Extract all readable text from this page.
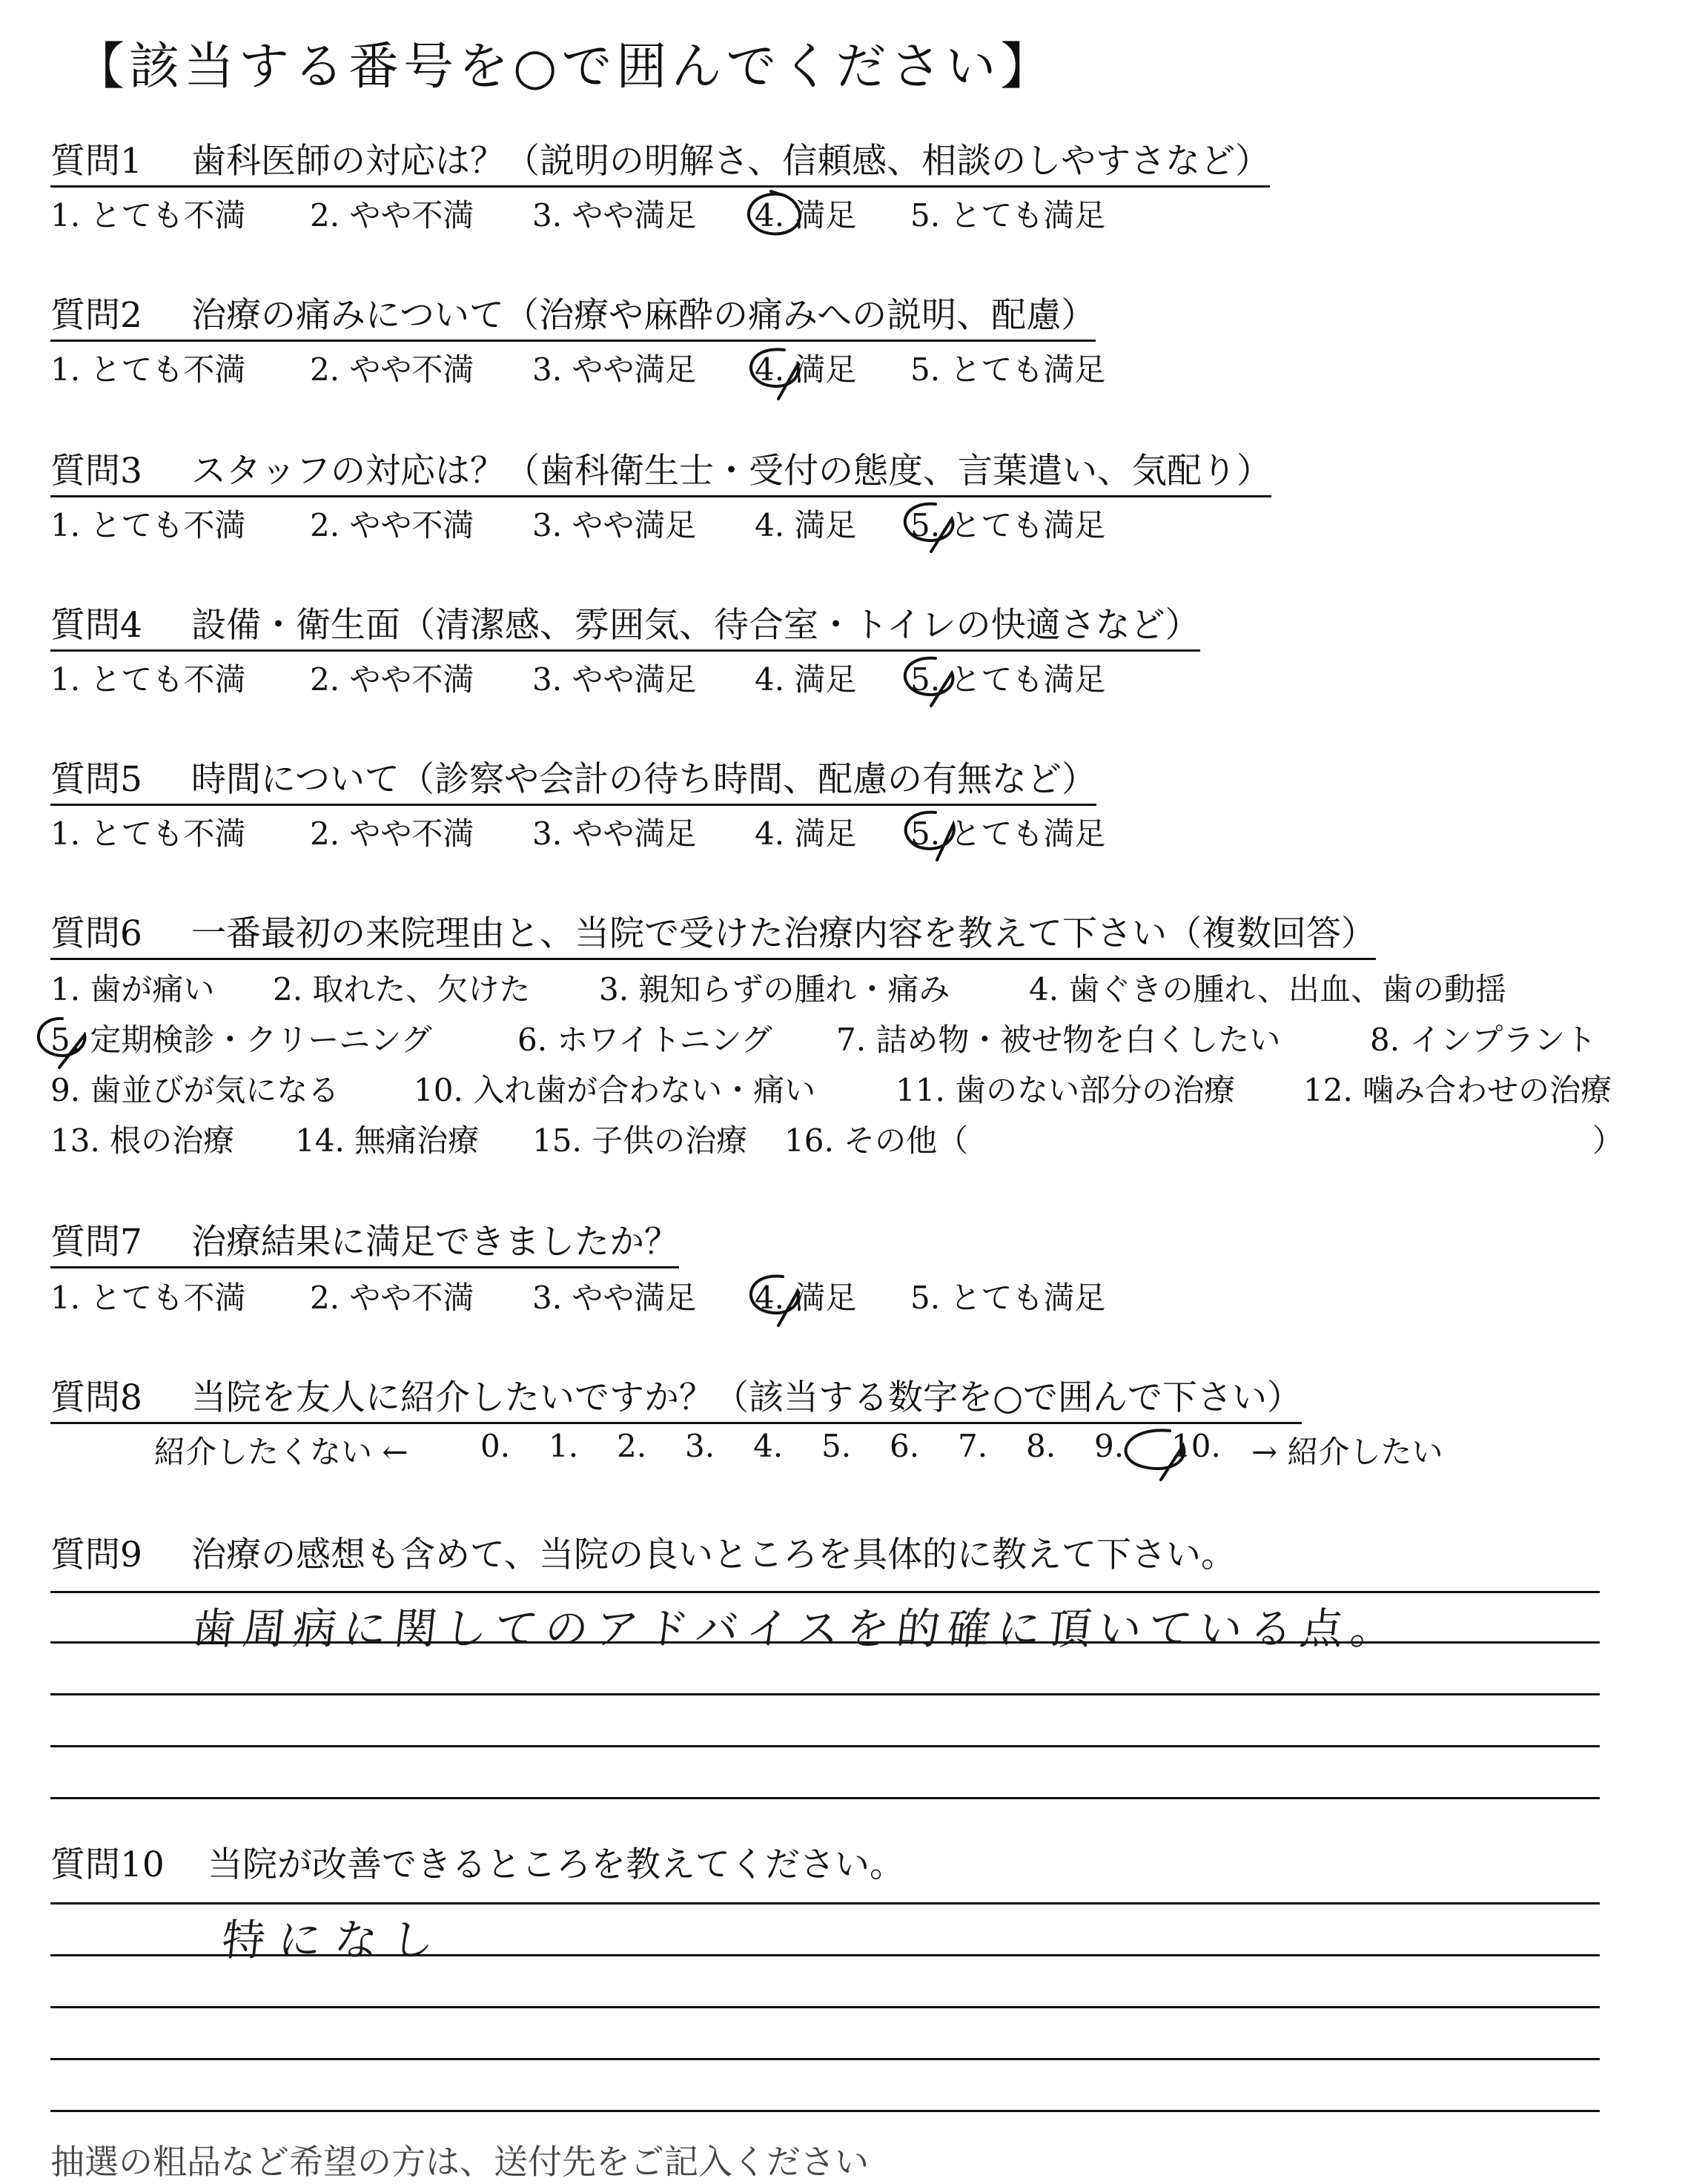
【該当する番号を○で囲んでください】
質問1 歯科医師の対応は？（説明の明解さ、信頼感、相談のしやすさなど）
1. とても不満 2. やや不満 3. やや満足 4. 満足 5. とても満足
質問2 治療の痛みについて（治療や麻酔の痛みへの説明、配慮）
1. とても不満 2. やや不満 3. やや満足 4. 満足 5. とても満足
質問3 スタッフの対応は？（歯科衛生士・受付の態度、言葉遣い、気配り）
1. とても不満 2. やや不満 3. やや満足 4. 満足 5. とても満足
質問4 設備・衛生面（清潔感、雰囲気、待合室・トイレの快適さなど）
1. とても不満 2. やや不満 3. やや満足 4. 満足 5. とても満足
質問5 時間について（診察や会計の待ち時間、配慮の有無など）
1. とても不満 2. やや不満 3. やや満足 4. 満足 5. とても満足
質問6 一番最初の来院理由と、当院で受けた治療内容を教えて下さい（複数回答）
1. 歯が痛い 2. 取れた、欠けた 3. 親知らずの腫れ・痛み	4. 歯ぐきの腫れ、出血、歯の動揺
5. 定期検診・クリーニング	6. ホワイトニング 7. 詰め物・被せ物を白くしたい	8. インプラント
9. 歯並びが気になる 10. 入れ歯が合わない・痛い	11. 歯のない部分の治療 12. 噛み合わせの治療
13. 根の治療 14. 無痛治療 15. 子供の治療 16. その他（	）
質問7 治療結果に満足できましたか？
1. とても不満 2. やや不満 3. やや満足 4. 満足 5. とても満足
質問8 当院を友人に紹介したいですか？（該当する数字を○で囲んで下さい）
紹介したくない ← 0. 1. 2. 3. 4. 5. 6. 7. 8. 9. 10. → 紹介したい
質問9 治療の感想も含めて、当院の良いところを具体的に教えて下さい。
歯周病に関してのアドバイスを的確に頂いている点。
質問10 当院が改善できるところを教えてください。
特になし
抽選の粗品など希望の方は、送付先をご記入ください
